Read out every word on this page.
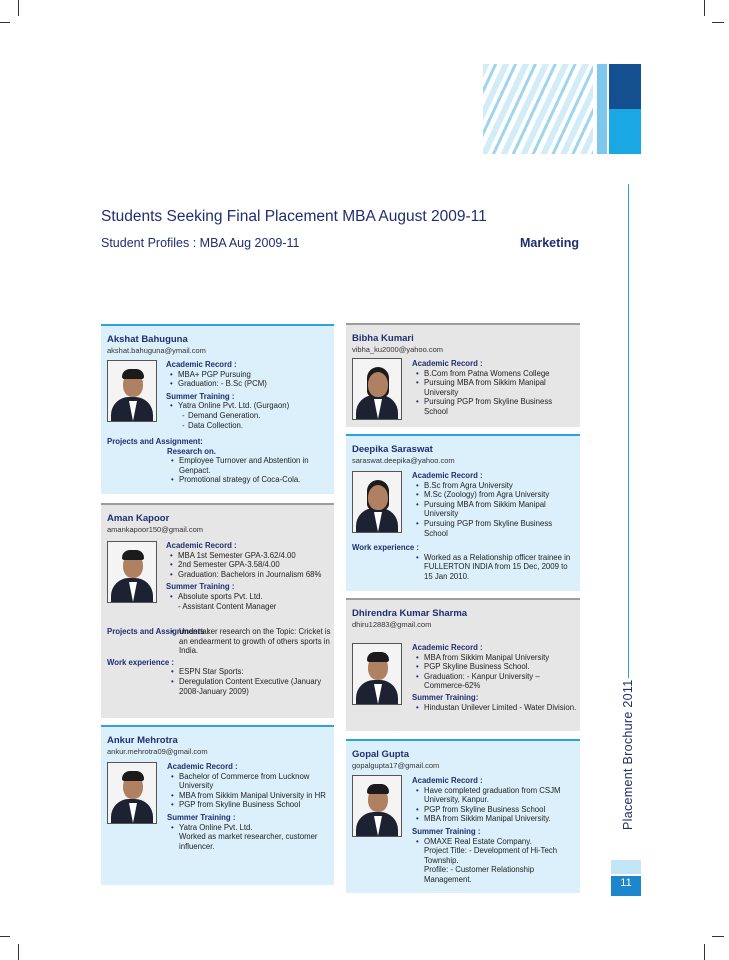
Students Seeking Final Placement MBA August 2009-11
Student Profiles : MBA Aug 2009-11	Marketing
Placement Brochure 2011
11
Akshat Bahuguna
akshat.bahuguna@ymail.com
Academic Record :
• MBA+ PGP Pursuing
• Graduation: - B.Sc (PCM)
Summer Training :
• Yatra Online Pvt. Ltd. (Gurgaon)
- Demand Generation.
- Data Collection.
Projects and Assignment:
Research on.
• Employee Turnover and Abstention in Genpact.
• Promotional strategy of Coca-Cola.
Aman Kapoor
amankapoor150@gmail.com
Academic Record :
• MBA 1st Semester GPA-3.62/4.00
• 2nd Semester GPA-3.58/4.00
• Graduation: Bachelors in Journalism 68%
Summer Training :
• Absolute sports Pvt. Ltd.
- Assistant Content Manager
Projects and Assignments :
• Undertaker research on the Topic: Cricket is an endearment to growth of others sports in India.
Work experience :
• ESPN Star Sports:
• Deregulation Content Executive (January 2008-January 2009)
Ankur Mehrotra
ankur.mehrotra09@gmail.com
Academic Record :
• Bachelor of Commerce from Lucknow University
• MBA from Sikkim Manipal University in HR
• PGP from Skyline Business School
Summer Training :
• Yatra Online Pvt. Ltd.
Worked as market researcher, customer influencer.
Bibha Kumari
vibha_ku2000@yahoo.com
Academic Record :
• B.Com from Patna Womens College
• Pursuing MBA from Sikkim Manipal University
• Pursuing PGP from Skyline Business School
Deepika Saraswat
saraswat.deepika@yahoo.com
Academic Record :
• B.Sc from Agra University
• M.Sc (Zoology) from Agra University
• Pursuing MBA from Sikkim Manipal University
• Pursuing PGP from Skyline Business School
Work experience :
• Worked as a Relationship officer trainee in FULLERTON INDIA from 15 Dec, 2009 to 15 Jan 2010.
Dhirendra Kumar Sharma
dhiru12883@gmail.com
Academic Record :
• MBA from Sikkim Manipal University
• PGP Skyline Business School.
• Graduation: - Kanpur University – Commerce-62%
Summer Training:
• Hindustan Unilever Limited - Water Division.
Gopal Gupta
gopalgupta17@gmail.com
Academic Record :
• Have completed graduation from CSJM University, Kanpur.
• PGP from Skyline Business School
• MBA from Sikkim Manipal University.
Summer Training :
• OMAXE Real Estate Company.
Project Title: - Development of Hi-Tech Township.
Profile: - Customer Relationship Management.
